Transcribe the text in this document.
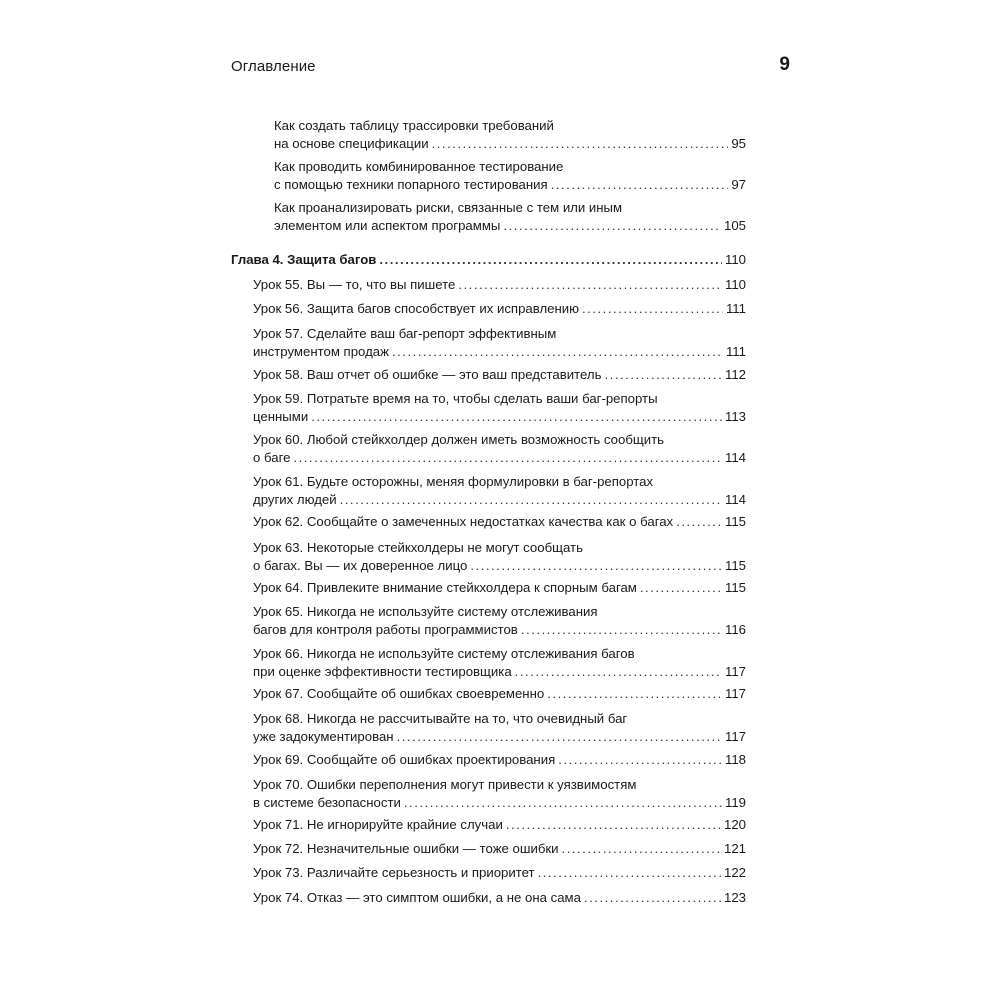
Оглавление	9
Как создать таблицу трассировки требований
на основе спецификации .....	95
Как проводить комбинированное тестирование
с помощью техники попарного тестирования .....	97
Как проанализировать риски, связанные с тем или иным
элементом или аспектом программы .....	105
Глава 4. Защита багов .....	110
Урок 55. Вы — то, что вы пишете .....	110
Урок 56. Защита багов способствует их исправлению .....	111
Урок 57. Сделайте ваш баг-репорт эффективным
инструментом продаж .....	111
Урок 58. Ваш отчет об ошибке — это ваш представитель .....	112
Урок 59. Потратьте время на то, чтобы сделать ваши баг-репорты
ценными .....	113
Урок 60. Любой стейкхолдер должен иметь возможность сообщить
о баге .....	114
Урок 61. Будьте осторожны, меняя формулировки в баг-репортах
других людей .....	114
Урок 62. Сообщайте о замеченных недостатках качества как о багах .....	115
Урок 63. Некоторые стейкхолдеры не могут сообщать
о багах. Вы — их доверенное лицо .....	115
Урок 64. Привлеките внимание стейкхолдера к спорным багам .....	115
Урок 65. Никогда не используйте систему отслеживания
багов для контроля работы программистов .....	116
Урок 66. Никогда не используйте систему отслеживания багов
при оценке эффективности тестировщика .....	117
Урок 67. Сообщайте об ошибках своевременно .....	117
Урок 68. Никогда не рассчитывайте на то, что очевидный баг
уже задокументирован .....	117
Урок 69. Сообщайте об ошибках проектирования .....	118
Урок 70. Ошибки переполнения могут привести к уязвимостям
в системе безопасности .....	119
Урок 71. Не игнорируйте крайние случаи .....	120
Урок 72. Незначительные ошибки — тоже ошибки .....	121
Урок 73. Различайте серьезность и приоритет .....	122
Урок 74. Отказ — это симптом ошибки, а не она сама .....	123
